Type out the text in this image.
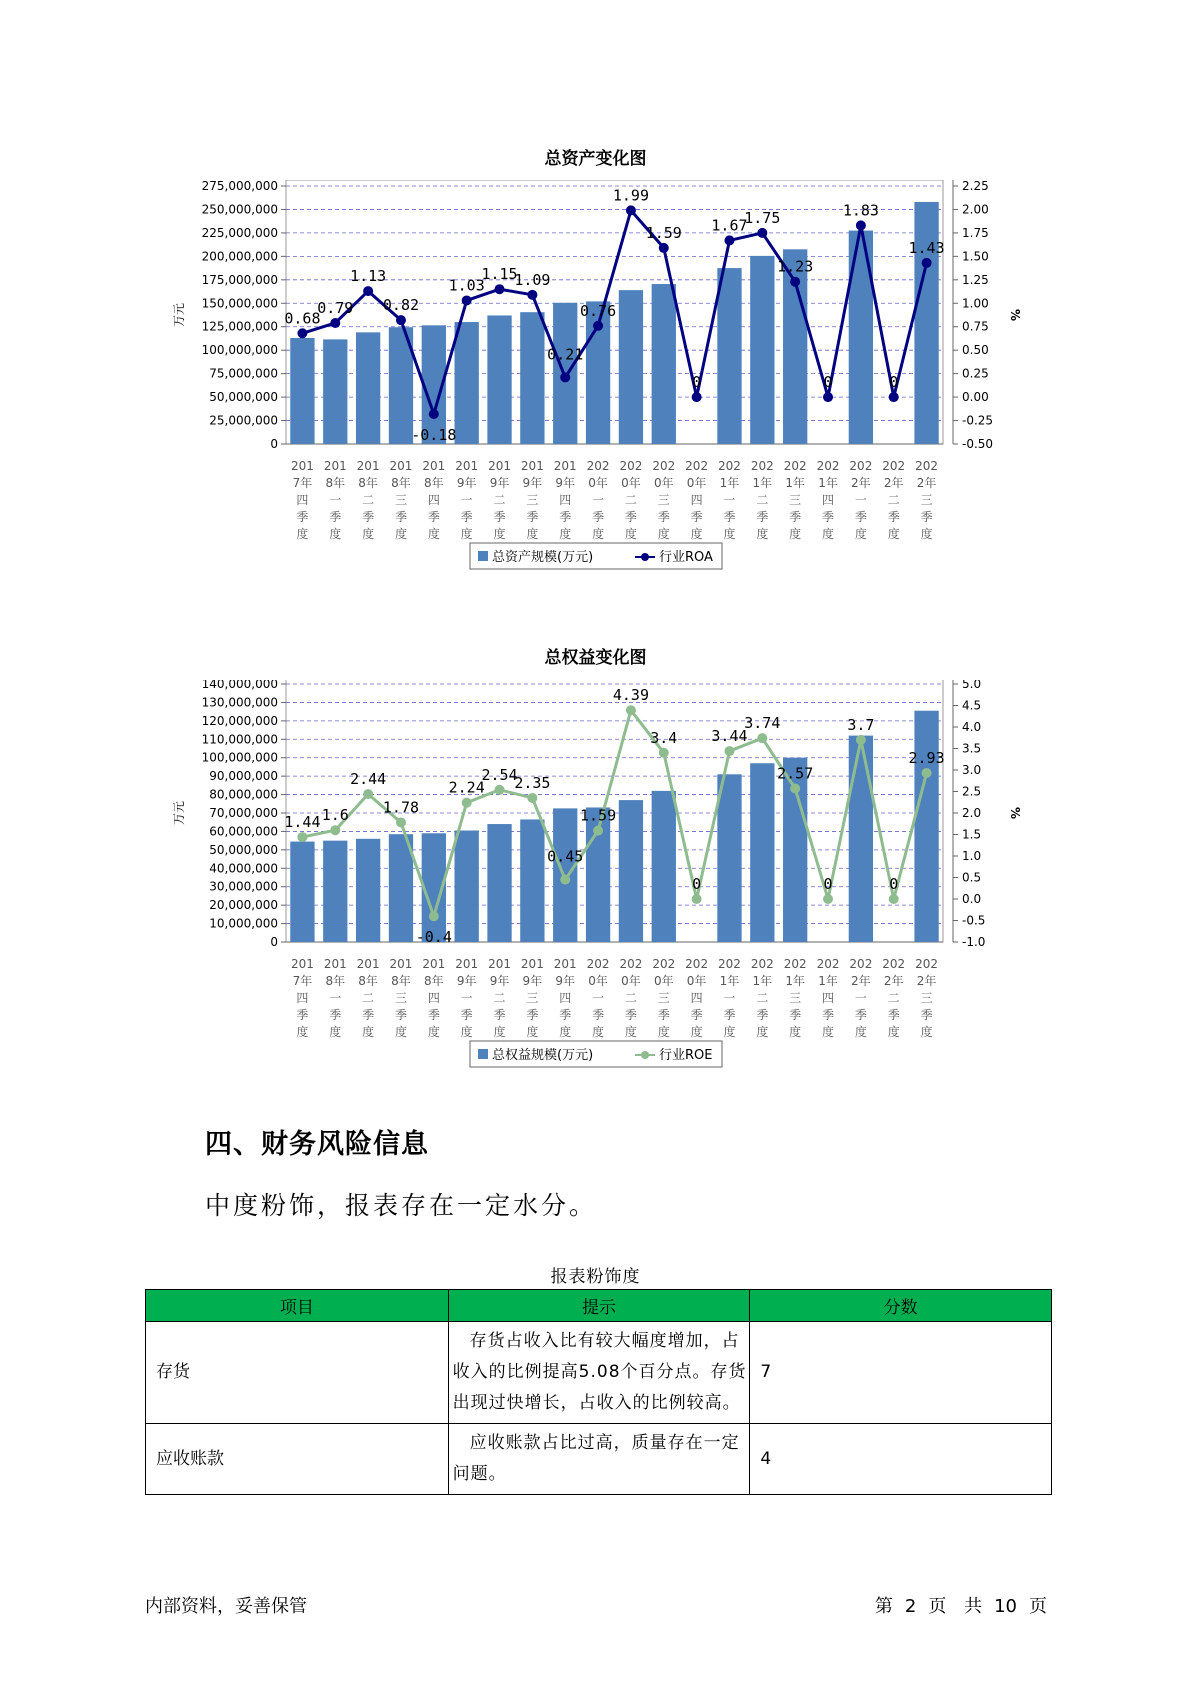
总资产变化图
0
25,000,000
50,000,000
75,000,000
100,000,000
125,000,000
150,000,000
175,000,000
200,000,000
225,000,000
250,000,000
275,000,000
-0.50
-0.25
0.00
0.25
0.50
0.75
1.00
1.25
1.50
1.75
2.00
2.25
万元	%
0.68
0.79
1.13
0.82
-0.18
1.03
1.15
1.09
0.21
0.76
1.99
1.59
0
1.67
1.75
1.23
0
1.83
0
1.43
201 7年四季度
201 8年一季度
201 8年二季度
201 8年三季度
201 8年四季度
201 9年一季度
201 9年二季度
201 9年三季度
201 9年四季度
202 0年一季度
202 0年二季度
202 0年三季度
202 0年四季度
202 1年一季度
202 1年二季度
202 1年三季度
202 1年四季度
202 2年一季度
202 2年二季度
202 2年三季度
总资产规模(万元)	行业ROA
总权益变化图
0
10,000,000
20,000,000
30,000,000
40,000,000
50,000,000
60,000,000
70,000,000
80,000,000
90,000,000
100,000,000
110,000,000
120,000,000
130,000,000
140,000,000
-1.0
-0.5
0.0
0.5
1.0
1.5
2.0
2.5
3.0
3.5
4.0
4.5
5.0
万元	%
1.44 1.6
2.44
1.78
-0.4
2.24
2.54
2.35
0.45
1.59
4.39
3.4
0
3.44
3.74
2.57
0
3.7
0
2.93
201 7年四季度
201 8年一季度
201 8年二季度
201 8年三季度
201 8年四季度
201 9年一季度
201 9年二季度
201 9年三季度
201 9年四季度
202 0年一季度
202 0年二季度
202 0年三季度
202 0年四季度
202 1年一季度
202 1年二季度
202 1年三季度
202 1年四季度
202 2年一季度
202 2年二季度
202 2年三季度
总权益规模(万元)	行业ROE
四、财务风险信息
中度粉饰，报表存在一定水分。
报表粉饰度
项目	提示	分数
存货	存货占收入比有较大幅度增加，占收入的比例提高5.08个百分点。存货出现过快增长，占收入的比例较高。	7
应收账款	应收账款占比过高，质量存在一定问题。	4
内部资料，妥善保管	第 2 页 共 10 页
